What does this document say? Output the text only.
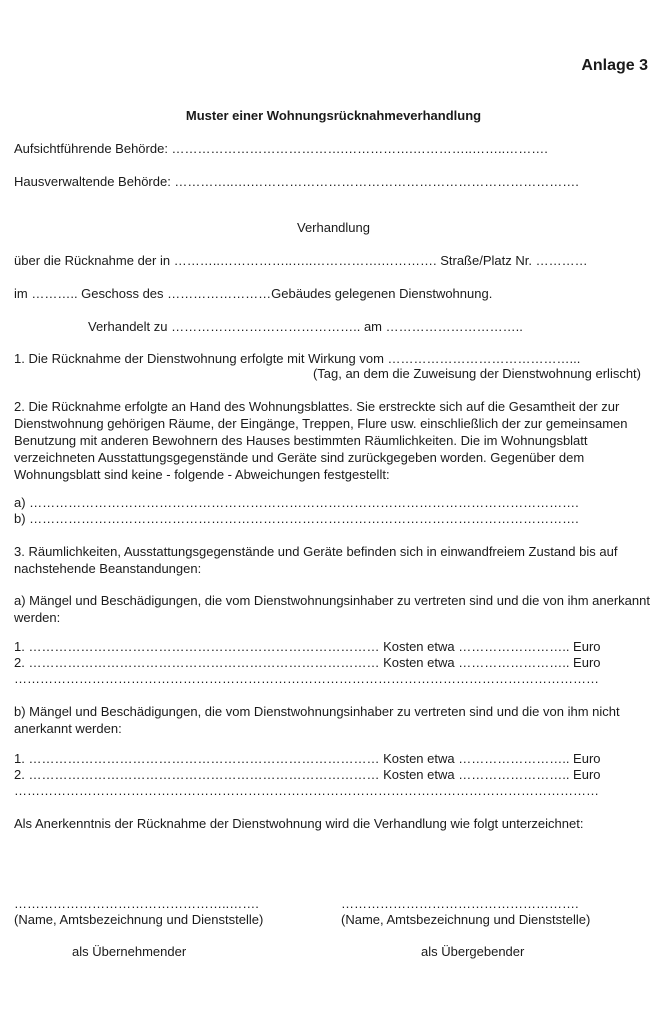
Anlage 3
Muster einer Wohnungsrücknahmeverhandlung
Aufsichtführende Behörde: ………………………………….…………….…………..……..……….
Hausverwaltende Behörde: …………..….………………………………………………………………….
Verhandlung
über die Rücknahme der in ………..……………..…..…………….…………. Straße/Platz Nr. …………
im ……….. Geschoss des ……………………Gebäudes gelegenen Dienstwohnung.
Verhandelt zu …………………………………….. am …………………………..
1. Die Rücknahme der Dienstwohnung erfolgte mit Wirkung vom ……………………………………...
(Tag, an dem die Zuweisung der Dienstwohnung erlischt)
2. Die Rücknahme erfolgte an Hand des Wohnungsblattes. Sie erstreckte sich auf die Gesamtheit der zur Dienstwohnung gehörigen Räume, der Eingänge, Treppen, Flure usw. einschließlich der zur gemeinsamen Benutzung mit anderen Bewohnern des Hauses bestimmten Räumlichkeiten. Die im Wohnungsblatt verzeichneten Ausstattungsgegenstände und Geräte sind zurückgegeben worden. Gegenüber dem Wohnungsblatt sind keine - folgende - Abweichungen festgestellt:
a) ……………………………………………………………………………………………………………….
b) ……………………………………………………………………………………………………………….
3. Räumlichkeiten, Ausstattungsgegenstände und Geräte befinden sich in einwandfreiem Zustand bis auf nachstehende Beanstandungen:
a) Mängel und Beschädigungen, die vom Dienstwohnungsinhaber zu vertreten sind und die von ihm anerkannt werden:
1. ……………………………………………………………………… Kosten etwa …………………….. Euro
2. ……………………………………………………………………… Kosten etwa …………………….. Euro
………………………………………………………………………………………………………………………
b) Mängel und Beschädigungen, die vom Dienstwohnungsinhaber zu vertreten sind und die von ihm nicht anerkannt werden:
1. ……………………………………………………………………… Kosten etwa …………………….. Euro
2. ……………………………………………………………………… Kosten etwa …………………….. Euro
………………………………………………………………………………………………………………………
Als Anerkenntnis der Rücknahme der Dienstwohnung wird die Verhandlung wie folgt unterzeichnet:
…………………………………………..…….	……………………………………………….
(Name, Amtsbezeichnung und Dienststelle)	(Name, Amtsbezeichnung und Dienststelle)
als Übernehmender	als Übergebender
